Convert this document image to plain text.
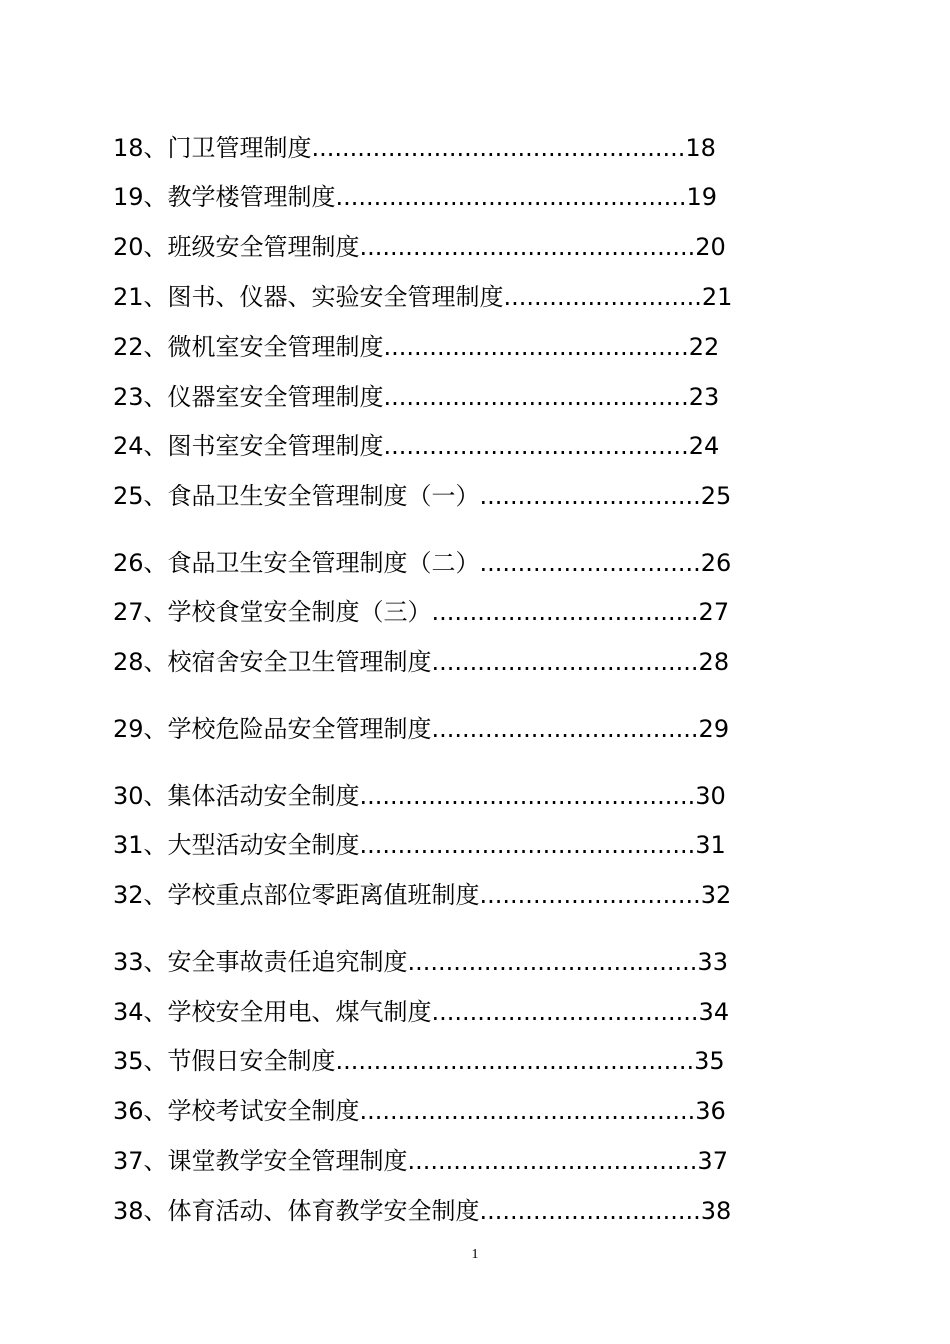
18、门卫管理制度.................................................18
19、教学楼管理制度..............................................19
20、班级安全管理制度............................................20
21、图书、仪器、实验安全管理制度..........................21
22、微机室安全管理制度........................................22
23、仪器室安全管理制度........................................23
24、图书室安全管理制度........................................24
25、食品卫生安全管理制度（一）.............................25
26、食品卫生安全管理制度（二）.............................26
27、学校食堂安全制度（三）...................................27
28、校宿舍安全卫生管理制度...................................28
29、学校危险品安全管理制度...................................29
30、集体活动安全制度............................................30
31、大型活动安全制度............................................31
32、学校重点部位零距离值班制度.............................32
33、安全事故责任追究制度......................................33
34、学校安全用电、煤气制度...................................34
35、节假日安全制度...............................................35
36、学校考试安全制度............................................36
37、课堂教学安全管理制度......................................37
38、体育活动、体育教学安全制度.............................38
1
